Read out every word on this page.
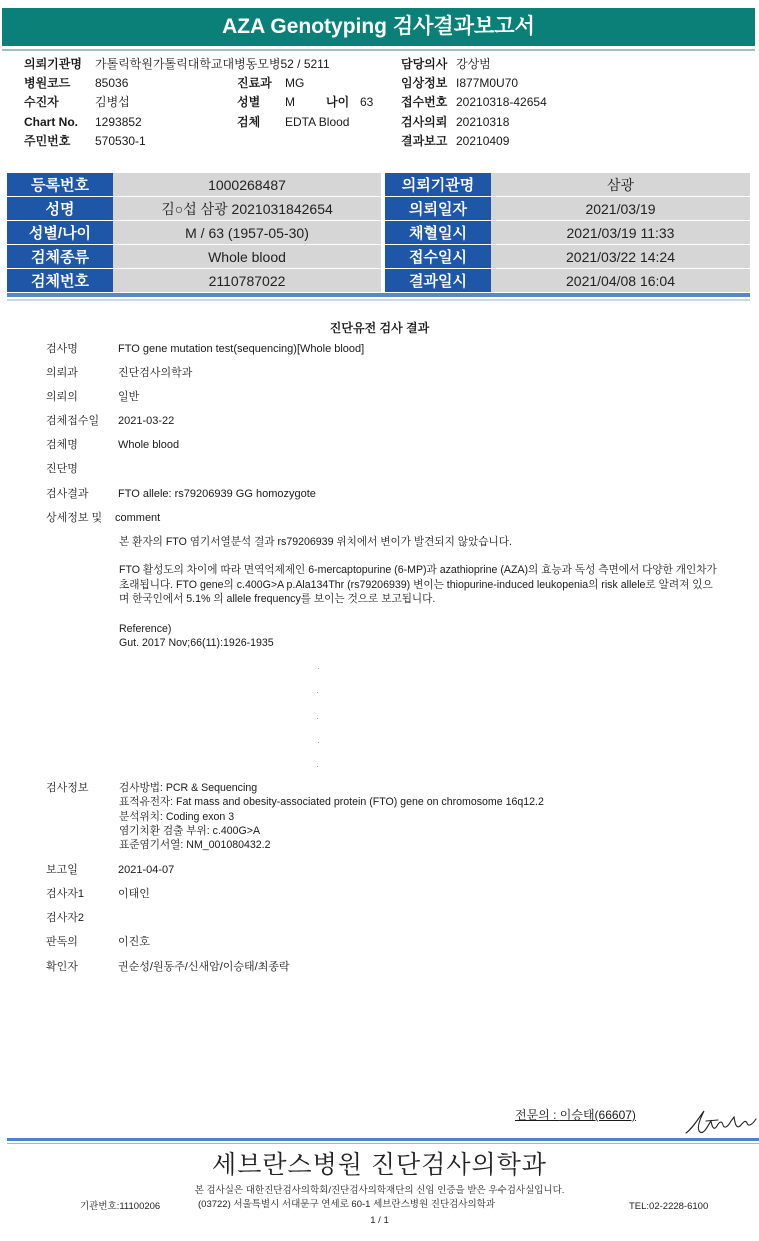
AZA Genotyping 검사결과보고서
의뢰기관명 가톨릭학원가톨릭대학교대병동모병52 / 5211	담당의사 강상범
병원코드 85036	진료과 MG	임상정보 I877M0U70
수진자	김병섭	성별 M	나이 63 접수번호 20210318-42654
Chart No. 1293852	검체 EDTA Blood	검사의뢰 20210318
주민번호 570530-1	결과보고 20210409
등록번호	1000268487		의뢰기관명	삼광
성명	김○섭 삼광 2021031842654		의뢰일자	2021/03/19
성별/나이	M / 63 (1957-05-30)		채혈일시	2021/03/19 11:33
검체종류	Whole blood		접수일시	2021/03/22 14:24
검체번호	2110787022		결과일시	2021/04/08 16:04
진단유전 검사 결과
검사명	FTO gene mutation test(sequencing)[Whole blood]
의뢰과	진단검사의학과
의뢰의	일반
검체접수일	2021-03-22
검체명	Whole blood
진단명
검사결과	FTO allele: rs79206939 GG homozygote
상세정보 및	comment
본 환자의 FTO 염기서열분석 결과 rs79206939 위치에서 변이가 발견되지 않았습니다.
FTO 활성도의 차이에 따라 면역억제제인 6-mercaptopurine (6-MP)과 azathioprine (AZA)의 효능과 독성 측면에서 다양한 개인차가 초래됩니다. FTO gene의 c.400G>A p.Ala134Thr (rs79206939) 변이는 thiopurine-induced leukopenia의 risk allele로 알려져 있으며 한국인에서 5.1% 의 allele frequency를 보이는 것으로 보고됩니다.
Reference)
Gut. 2017 Nov;66(11):1926-1935
검사정보	검사방법: PCR & Sequencing
표적유전자: Fat mass and obesity-associated protein (FTO) gene on chromosome 16q12.2
분석위치: Coding exon 3
염기치환 검출 부위: c.400G>A
표준염기서열: NM_001080432.2
보고일	2021-04-07
검사자1	이태인
검사자2
판독의	이진호
확인자	권순성/원동주/신새암/이승태/최종락
전문의 : 이승태(66607)
세브란스병원 진단검사의학과
본 검사실은 대한진단검사의학회/진단검사의학재단의 신임 인증을 받은 우수검사실입니다.
기관번호:11100206	(03722) 서울특별시 서대문구 연세로 60-1 세브란스병원 진단검사의학과	TEL:02-2228-6100
1 / 1
